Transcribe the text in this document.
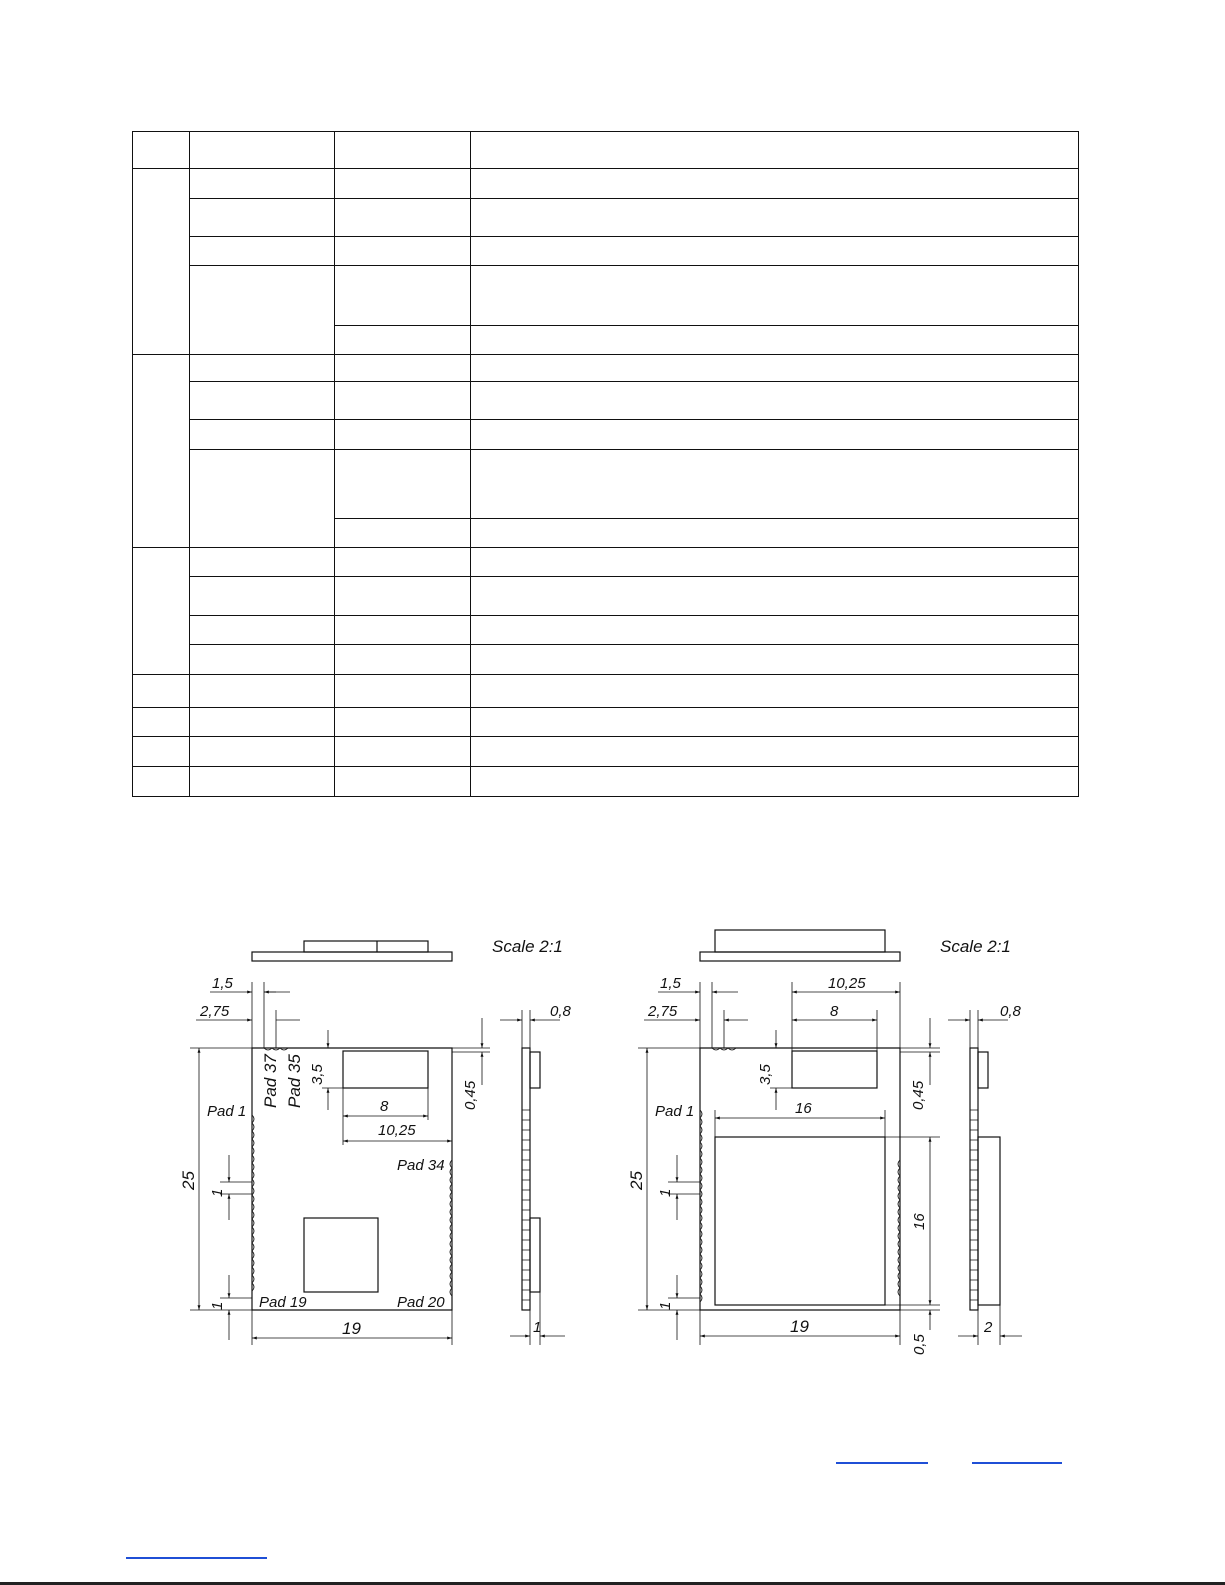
Scale 2:1
1,5
2,75
Pad 37 Pad 35 3,5
8
10,25
0,45
Pad 1
Pad 34
Pad 19	Pad 20
25
1
1
19
0,8
1
Scale 2:1
1,5
2,75
10,25
8	0,8
3,5
0,45
16
Pad 1
25
1
1
16
0,5
19	2
